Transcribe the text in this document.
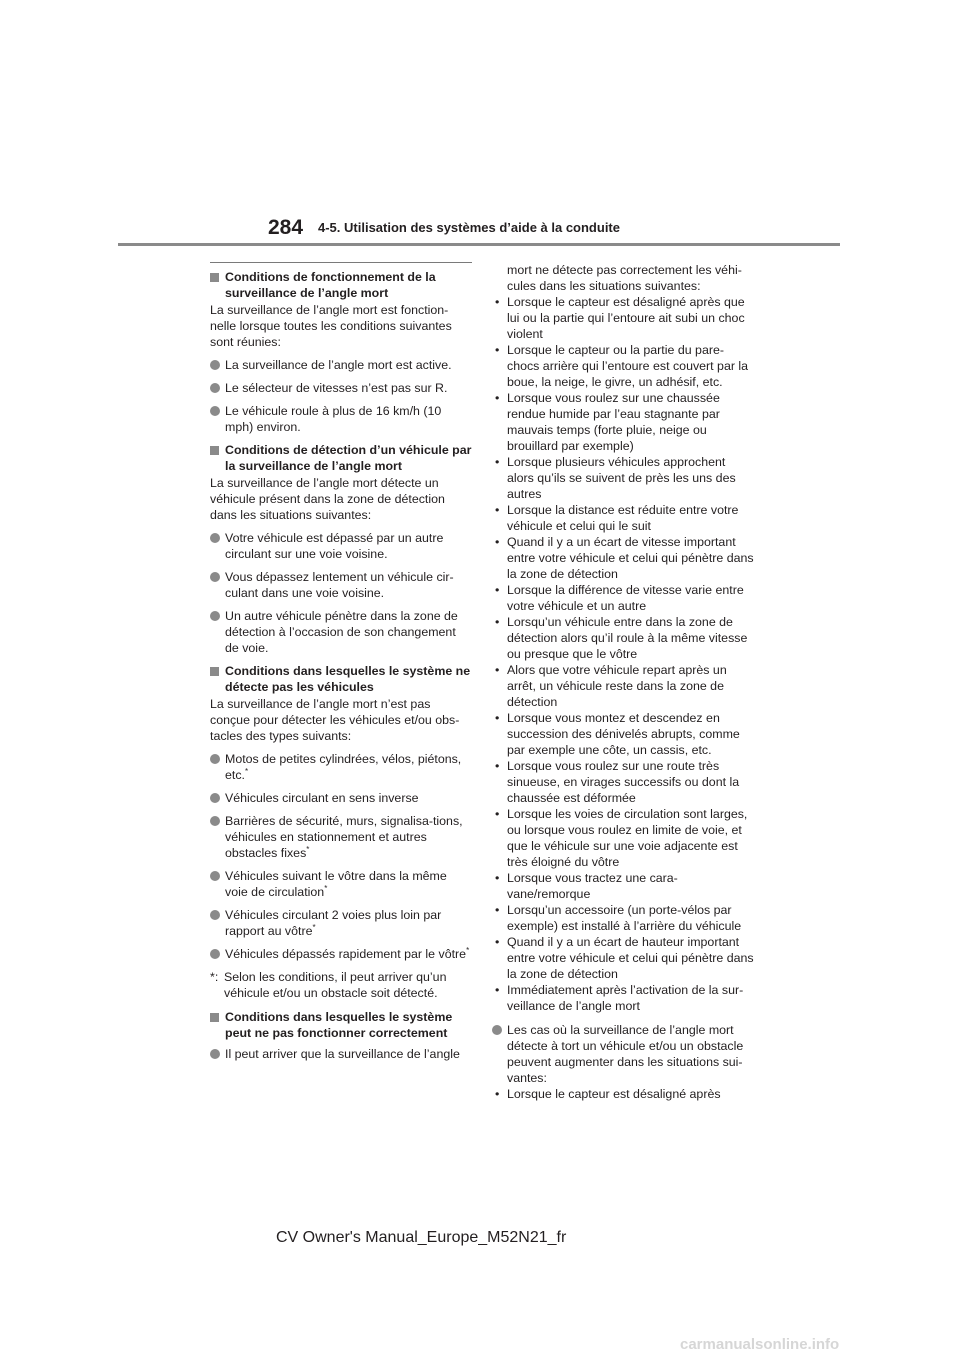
284 4-5. Utilisation des systèmes d’aide à la conduite
Conditions de fonctionnement de la surveillance de l’angle mort
La surveillance de l’angle mort est fonction-nelle lorsque toutes les conditions suivantes sont réunies:
La surveillance de l’angle mort est active.
Le sélecteur de vitesses n’est pas sur R.
Le véhicule roule à plus de 16 km/h (10 mph) environ.
Conditions de détection d’un véhicule par la surveillance de l’angle mort
La surveillance de l’angle mort détecte un véhicule présent dans la zone de détection dans les situations suivantes:
Votre véhicule est dépassé par un autre circulant sur une voie voisine.
Vous dépassez lentement un véhicule cir-culant dans une voie voisine.
Un autre véhicule pénètre dans la zone de détection à l’occasion de son changement de voie.
Conditions dans lesquelles le système ne détecte pas les véhicules
La surveillance de l’angle mort n’est pas conçue pour détecter les véhicules et/ou obs-tacles des types suivants:
Motos de petites cylindrées, vélos, piétons, etc.*
Véhicules circulant en sens inverse
Barrières de sécurité, murs, signalisa-tions, véhicules en stationnement et autres obstacles fixes*
Véhicules suivant le vôtre dans la même voie de circulation*
Véhicules circulant 2 voies plus loin par rapport au vôtre*
Véhicules dépassés rapidement par le vôtre*
*: Selon les conditions, il peut arriver qu’un véhicule et/ou un obstacle soit détecté.
Conditions dans lesquelles le système peut ne pas fonctionner correctement
Il peut arriver que la surveillance de l’angle
mort ne détecte pas correctement les véhi-cules dans les situations suivantes:
• Lorsque le capteur est désaligné après que lui ou la partie qui l’entoure ait subi un choc violent
• Lorsque le capteur ou la partie du pare-chocs arrière qui l’entoure est couvert par la boue, la neige, le givre, un adhésif, etc.
• Lorsque vous roulez sur une chaussée rendue humide par l’eau stagnante par mauvais temps (forte pluie, neige ou brouillard par exemple)
• Lorsque plusieurs véhicules approchent alors qu’ils se suivent de près les uns des autres
• Lorsque la distance est réduite entre votre véhicule et celui qui le suit
• Quand il y a un écart de vitesse important entre votre véhicule et celui qui pénètre dans la zone de détection
• Lorsque la différence de vitesse varie entre votre véhicule et un autre
• Lorsqu’un véhicule entre dans la zone de détection alors qu’il roule à la même vitesse ou presque que le vôtre
• Alors que votre véhicule repart après un arrêt, un véhicule reste dans la zone de détection
• Lorsque vous montez et descendez en succession des dénivelés abrupts, comme par exemple une côte, un cassis, etc.
• Lorsque vous roulez sur une route très sinueuse, en virages successifs ou dont la chaussée est déformée
• Lorsque les voies de circulation sont larges, ou lorsque vous roulez en limite de voie, et que le véhicule sur une voie adjacente est très éloigné du vôtre
• Lorsque vous tractez une cara-vane/remorque
• Lorsqu’un accessoire (un porte-vélos par exemple) est installé à l’arrière du véhicule
• Quand il y a un écart de hauteur important entre votre véhicule et celui qui pénètre dans la zone de détection
• Immédiatement après l’activation de la sur-veillance de l’angle mort
Les cas où la surveillance de l’angle mort détecte à tort un véhicule et/ou un obstacle peuvent augmenter dans les situations sui-vantes:
• Lorsque le capteur est désaligné après
CV Owner's Manual_Europe_M52N21_fr
carmanualsonline.info
